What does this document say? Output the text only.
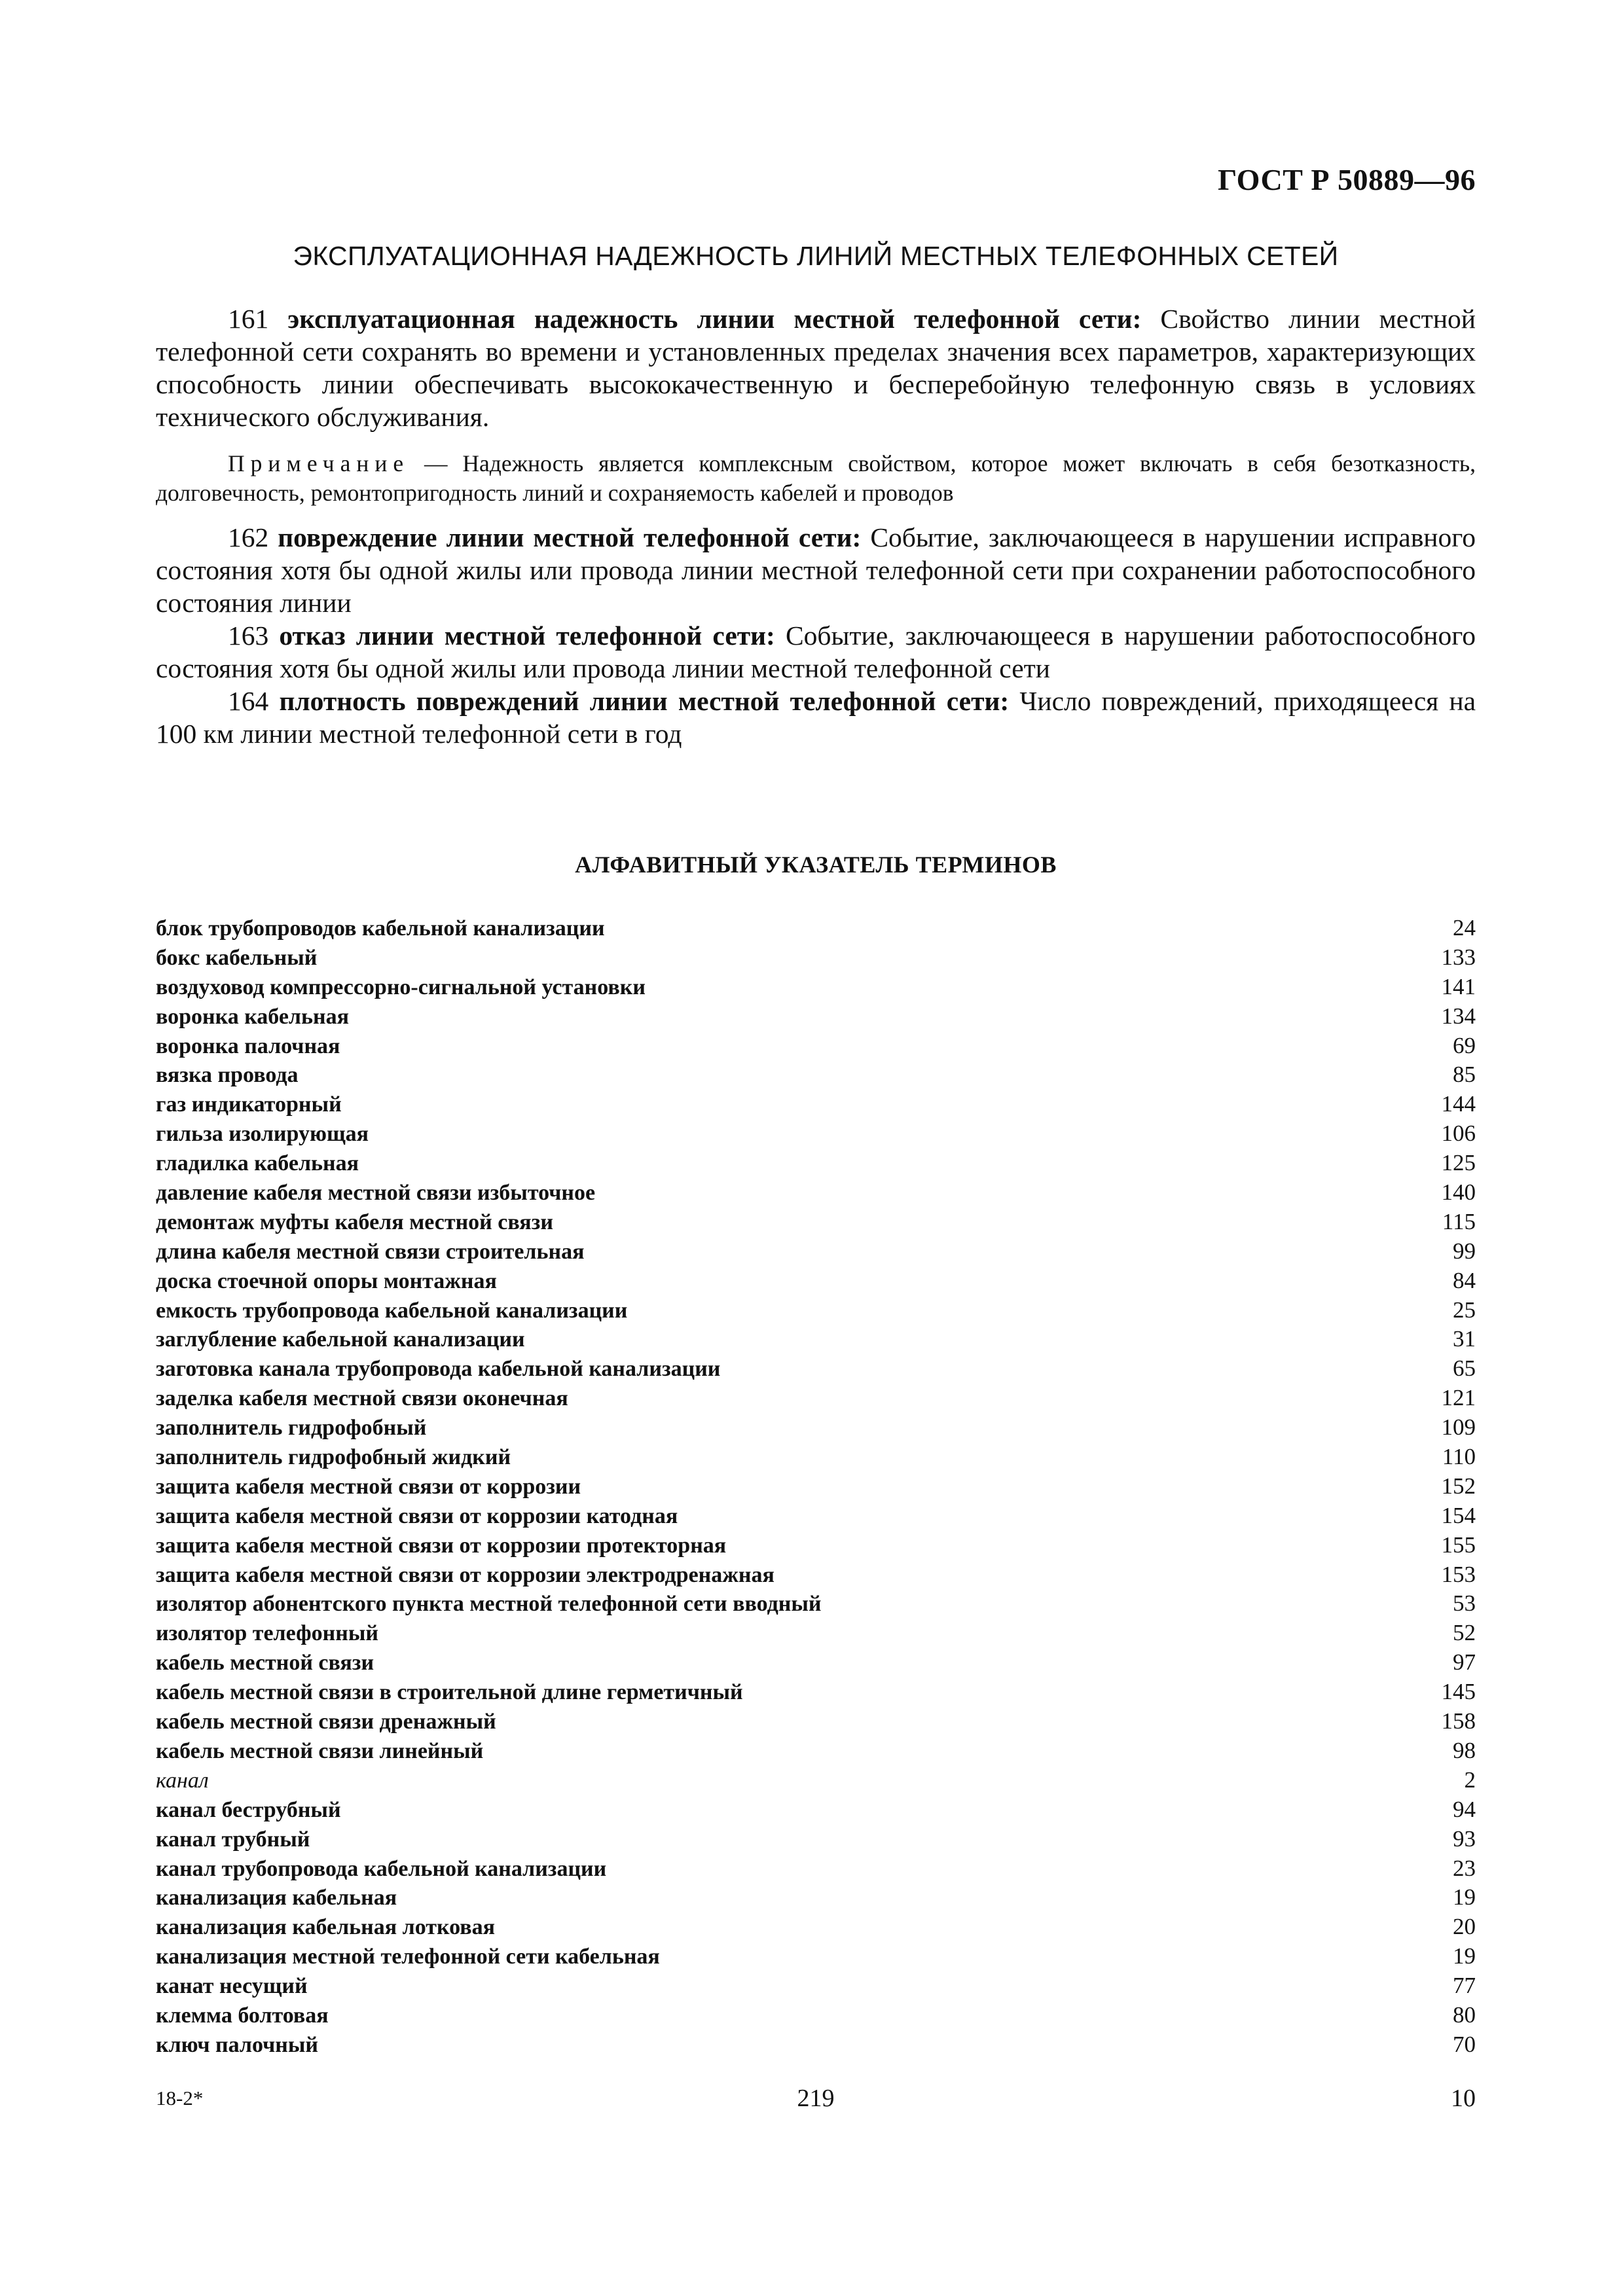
ГОСТ Р 50889—96
ЭКСПЛУАТАЦИОННАЯ НАДЕЖНОСТЬ ЛИНИЙ МЕСТНЫХ ТЕЛЕФОННЫХ СЕТЕЙ

161 эксплуатационная надежность линии местной телефонной сети: Свойство линии местной телефонной сети сохранять во времени и установленных пределах значения всех параметров, характеризующих способность линии обеспечивать высококачественную и бесперебойную телефонную связь в условиях технического обслуживания.

Примечание — Надежность является комплексным свойством, которое может включать в себя безотказность, долговечность, ремонтопригодность линий и сохраняемость кабелей и проводов

162 повреждение линии местной телефонной сети: Событие, заключающееся в нарушении исправного состояния хотя бы одной жилы или провода линии местной телефонной сети при сохранении работоспособного состояния линии

163 отказ линии местной телефонной сети: Событие, заключающееся в нарушении работоспособного состояния хотя бы одной жилы или провода линии местной телефонной сети

164 плотность повреждений линии местной телефонной сети: Число повреждений, приходящееся на 100 км линии местной телефонной сети в год

АЛФАВИТНЫЙ УКАЗАТЕЛЬ ТЕРМИНОВ
блок трубопроводов кабельной канализации	24
бокс кабельный	133
воздуховод компрессорно-сигнальной установки	141
воронка кабельная	134
воронка палочная	69
вязка провода	85
газ индикаторный	144
гильза изолирующая	106
гладилка кабельная	125
давление кабеля местной связи избыточное	140
демонтаж муфты кабеля местной связи	115
длина кабеля местной связи строительная	99
доска стоечной опоры монтажная	84
емкость трубопровода кабельной канализации	25
заглубление кабельной канализации	31
заготовка канала трубопровода кабельной канализации	65
заделка кабеля местной связи оконечная	121
заполнитель гидрофобный	109
заполнитель гидрофобный жидкий	110
защита кабеля местной связи от коррозии	152
защита кабеля местной связи от коррозии катодная	154
защита кабеля местной связи от коррозии протекторная	155
защита кабеля местной связи от коррозии электродренажная	153
изолятор абонентского пункта местной телефонной сети вводный	53
изолятор телефонный	52
кабель местной связи	97
кабель местной связи в строительной длине герметичный	145
кабель местной связи дренажный	158
кабель местной связи линейный	98
канал	2
канал беструбный	94
канал трубный	93
канал трубопровода кабельной канализации	23
канализация кабельная	19
канализация кабельная лотковая	20
канализация местной телефонной сети кабельная	19
канат несущий	77
клемма болтовая	80
ключ палочный	70
18-2*	219	10
